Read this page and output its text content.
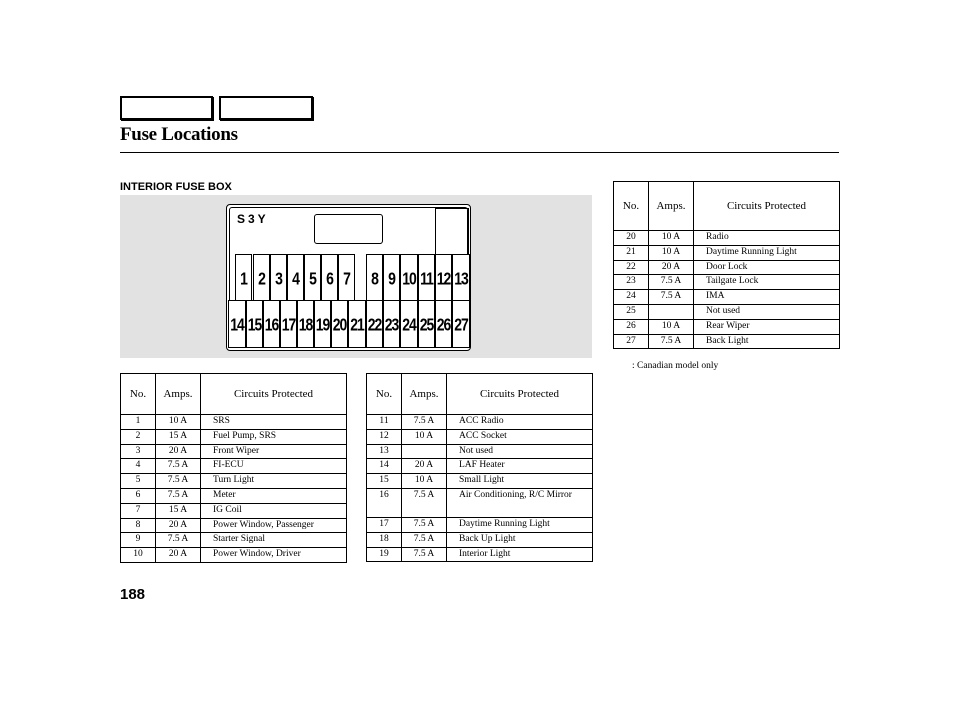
Fuse Locations
INTERIOR FUSE BOX
S3Y
1 2 3 4 5 6 7 8 9 10 11 12 13
14 15 16 17 18 19 20 21 22 23 24 25 26 27
No.	Amps.	Circuits Protected
1	10 A	SRS
2	15 A	Fuel Pump, SRS
3	20 A	Front Wiper
4	7.5 A	FI-ECU
5	7.5 A	Turn Light
6	7.5 A	Meter
7	15 A	IG Coil
8	20 A	Power Window, Passenger
9	7.5 A	Starter Signal
10	20 A	Power Window, Driver
No.	Amps.	Circuits Protected
11	7.5 A	ACC Radio
12	10 A	ACC Socket
13		Not used
14	20 A	LAF Heater
15	10 A	Small Light
16	7.5 A	Air Conditioning, R/C Mirror
17	7.5 A	Daytime Running Light
18	7.5 A	Back Up Light
19	7.5 A	Interior Light
No.	Amps.	Circuits Protected
20	10 A	Radio
21	10 A	Daytime Running Light
22	20 A	Door Lock
23	7.5 A	Tailgate Lock
24	7.5 A	IMA
25		Not used
26	10 A	Rear Wiper
27	7.5 A	Back Light
: Canadian model only
188
